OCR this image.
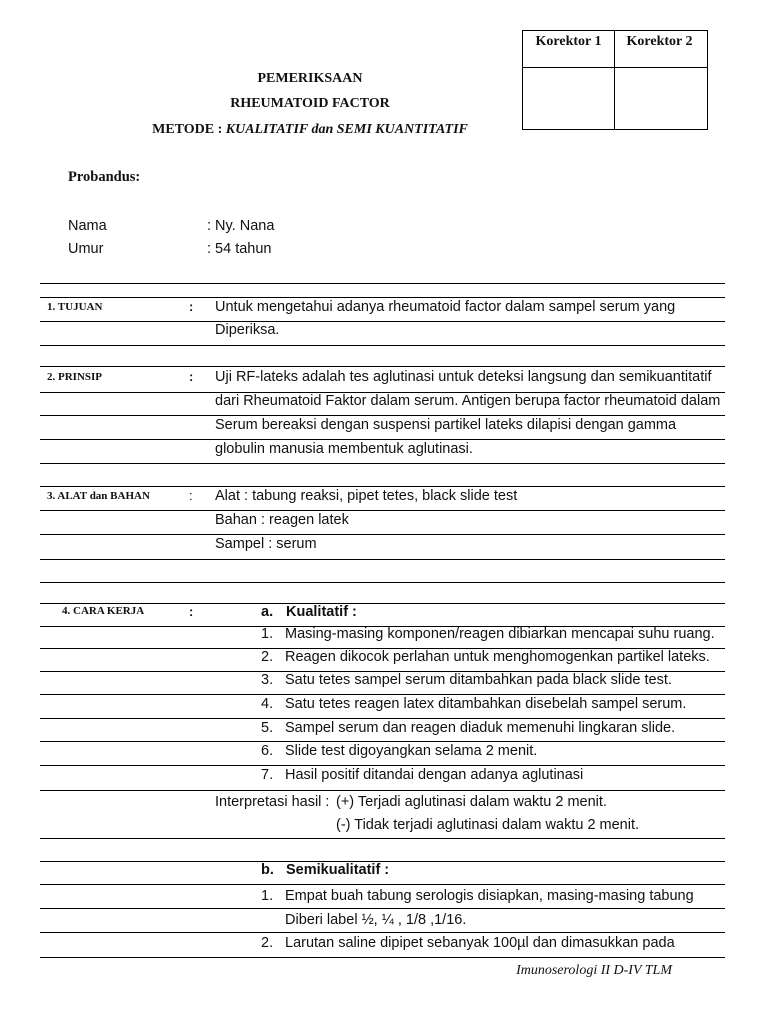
Korektor 1	Korektor 2
PEMERIKSAAN
RHEUMATOID FACTOR
METODE : KUALITATIF dan SEMI KUANTITATIF
Probandus:
Nama	: Ny. Nana
Umur	: 54 tahun
1. TUJUAN	: Untuk mengetahui adanya rheumatoid factor dalam sampel serum yang
Diperiksa.
2. PRINSIP	: Uji RF-lateks adalah tes aglutinasi untuk deteksi langsung dan semikuantitatif
dari Rheumatoid Faktor dalam serum. Antigen berupa factor rheumatoid dalam
Serum bereaksi dengan suspensi partikel lateks dilapisi dengan gamma
globulin manusia membentuk aglutinasi.
3. ALAT dan BAHAN	: Alat : tabung reaksi, pipet tetes, black slide test
Bahan : reagen latek
Sampel : serum
4. CARA KERJA	:	a. Kualitatif :
1. Masing-masing komponen/reagen dibiarkan mencapai suhu ruang.
2. Reagen dikocok perlahan untuk menghomogenkan partikel lateks.
3. Satu tetes sampel serum ditambahkan pada black slide test.
4. Satu tetes reagen latex ditambahkan disebelah sampel serum.
5. Sampel serum dan reagen diaduk memenuhi lingkaran slide.
6. Slide test digoyangkan selama 2 menit.
7. Hasil positif ditandai dengan adanya aglutinasi
Interpretasi hasil : (+) Terjadi aglutinasi dalam waktu 2 menit.
(-) Tidak terjadi aglutinasi dalam waktu 2 menit.
b. Semikualitatif :
1. Empat buah tabung serologis disiapkan, masing-masing tabung
Diberi label ½, ¼ , 1/8 ,1/16.
2. Larutan saline dipipet sebanyak 100µl dan dimasukkan pada
Imunoserologi II D-IV TLM
